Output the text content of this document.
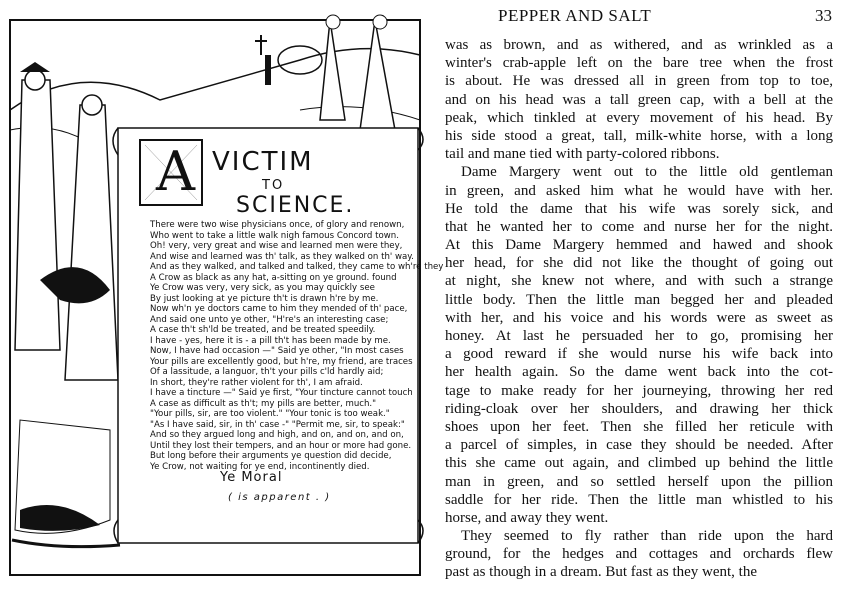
A VICTIM
TO
SCIENCE.
There were two wise physicians once, of glory and renown,
Who went to take a little walk nigh famous Concord town.
Oh! very, very great and wise and learned men were they,
And wise and learned was th' talk, as they walked on th' way.
And as they walked, and talked and talked, they came to wh're they
A Crow as black as any hat, a-sitting on ye ground. found
Ye Crow was very, very sick, as you may quickly see
By just looking at ye picture th't is drawn h're by me.
Now wh'n ye doctors came to him they mended of th' pace,
And said one unto ye other, "H're's an interesting case;
A case th't sh'ld be treated, and be treated speedily.
I have - yes, here it is - a pill th't has been made by me.
Now, I have had occasion —" Said ye other, "In most cases
Your pills are excellently good, but h're, my friend, are traces
Of a lassitude, a languor, th't your pills c'ld hardly aid;
In short, they're rather violent for th', I am afraid.
I have a tincture —" Said ye first, "Your tincture cannot touch
A case as difficult as th't; my pills are better, much."
"Your pills, sir, are too violent." "Your tonic is too weak."
"As I have said, sir, in th' case -" "Permit me, sir, to speak:"
And so they argued long and high, and on, and on, and on,
Until they lost their tempers, and an hour or more had gone.
But long before their arguments ye question did decide,
Ye Crow, not waiting for ye end, incontinently died.
Ye Moral
( is apparent . )
PEPPER AND SALT	33
was as brown, and as withered, and as wrinkled as a
winter's crab-apple left on the bare tree when the frost
is about. He was dressed all in green from top to toe,
and on his head was a tall green cap, with a bell at the
peak, which tinkled at every movement of his head. By
his side stood a great, tall, milk-white horse, with a long
tail and mane tied with party-colored ribbons.
Dame Margery went out to the little old gentleman
in green, and asked him what he would have with her.
He told the dame that his wife was sorely sick, and
that he wanted her to come and nurse her for the night.
At this Dame Margery hemmed and hawed and shook
her head, for she did not like the thought of going out
at night, she knew not where, and with such a strange
little body. Then the little man begged her and pleaded
with her, and his voice and his words were as sweet as
honey. At last he persuaded her to go, promising her
a good reward if she would nurse his wife back into
her health again. So the dame went back into the cot-
tage to make ready for her journeying, throwing her red
riding-cloak over her shoulders, and drawing her thick
shoes upon her feet. Then she filled her reticule with
a parcel of simples, in case they should be needed. After
this she came out again, and climbed up behind the little
man in green, and so settled herself upon the pillion
saddle for her ride. Then the little man whistled to his
horse, and away they went.
They seemed to fly rather than ride upon the hard
ground, for the hedges and cottages and orchards flew
past as though in a dream. But fast as they went, the
